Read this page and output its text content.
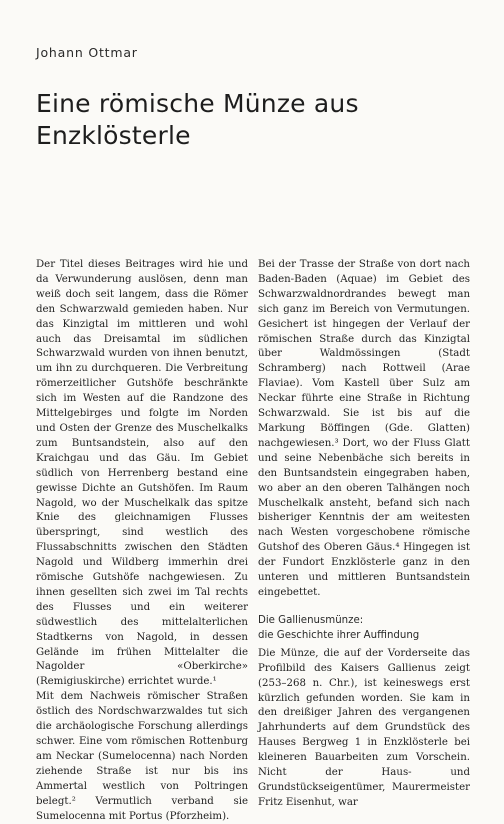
Johann Ottmar
Eine römische Münze aus
Enzklösterle

Der Titel dieses Beitrages wird hie und da Verwunderung auslösen, denn man weiß doch seit langem, dass die Römer den Schwarzwald gemieden haben. Nur das Kinzigtal im mittleren und wohl auch das Dreisamtal im südlichen Schwarzwald wurden von ihnen benutzt, um ihn zu durchqueren. Die Verbreitung römerzeitlicher Gutshöfe beschränkte sich im Westen auf die Randzone des Mittelgebirges und folgte im Norden und Osten der Grenze des Muschelkalks zum Buntsandstein, also auf den Kraichgau und das Gäu. Im Gebiet südlich von Herrenberg bestand eine gewisse Dichte an Gutshöfen. Im Raum Nagold, wo der Muschelkalk das spitze Knie des gleichnamigen Flusses überspringt, sind westlich des Flussabschnitts zwischen den Städten Nagold und Wildberg immerhin drei römische Gutshöfe nachgewiesen. Zu ihnen gesellten sich zwei im Tal rechts des Flusses und ein weiterer südwestlich des mittelalterlichen Stadtkerns von Nagold, in dessen Gelände im frühen Mittelalter die Nagolder «Oberkirche» (Remigiuskirche) errichtet wurde.¹

Mit dem Nachweis römischer Straßen östlich des Nordschwarzwaldes tut sich die archäologische Forschung allerdings schwer. Eine vom römischen Rottenburg am Neckar (Sumelocenna) nach Norden ziehende Straße ist nur bis ins Ammertal westlich von Poltringen belegt.² Vermutlich verband sie Sumelocenna mit Portus (Pforzheim).

Bei der Trasse der Straße von dort nach Baden-Baden (Aquae) im Gebiet des Schwarzwaldnordrandes bewegt man sich ganz im Bereich von Vermutungen. Gesichert ist hingegen der Verlauf der römischen Straße durch das Kinzigtal über Waldmössingen (Stadt Schramberg) nach Rottweil (Arae Flaviae). Vom Kastell über Sulz am Neckar führte eine Straße in Richtung Schwarzwald. Sie ist bis auf die Markung Böffingen (Gde. Glatten) nachgewiesen.³ Dort, wo der Fluss Glatt und seine Nebenbäche sich bereits in den Buntsandstein eingegraben haben, wo aber an den oberen Talhängen noch Muschelkalk ansteht, befand sich nach bisheriger Kenntnis der am weitesten nach Westen vorgeschobene römische Gutshof des Oberen Gäus.⁴ Hingegen ist der Fundort Enzklösterle ganz in den unteren und mittleren Buntsandstein eingebettet.

Die Gallienusmünze:
die Geschichte ihrer Auffindung

Die Münze, die auf der Vorderseite das Profilbild des Kaisers Gallienus zeigt (253–268 n. Chr.), ist keineswegs erst kürzlich gefunden worden. Sie kam in den dreißiger Jahren des vergangenen Jahrhunderts auf dem Grundstück des Hauses Bergweg 1 in Enzklösterle bei kleineren Bauarbeiten zum Vorschein. Nicht der Haus- und Grundstückseigentümer, Maurermeister Fritz Eisenhut, war
